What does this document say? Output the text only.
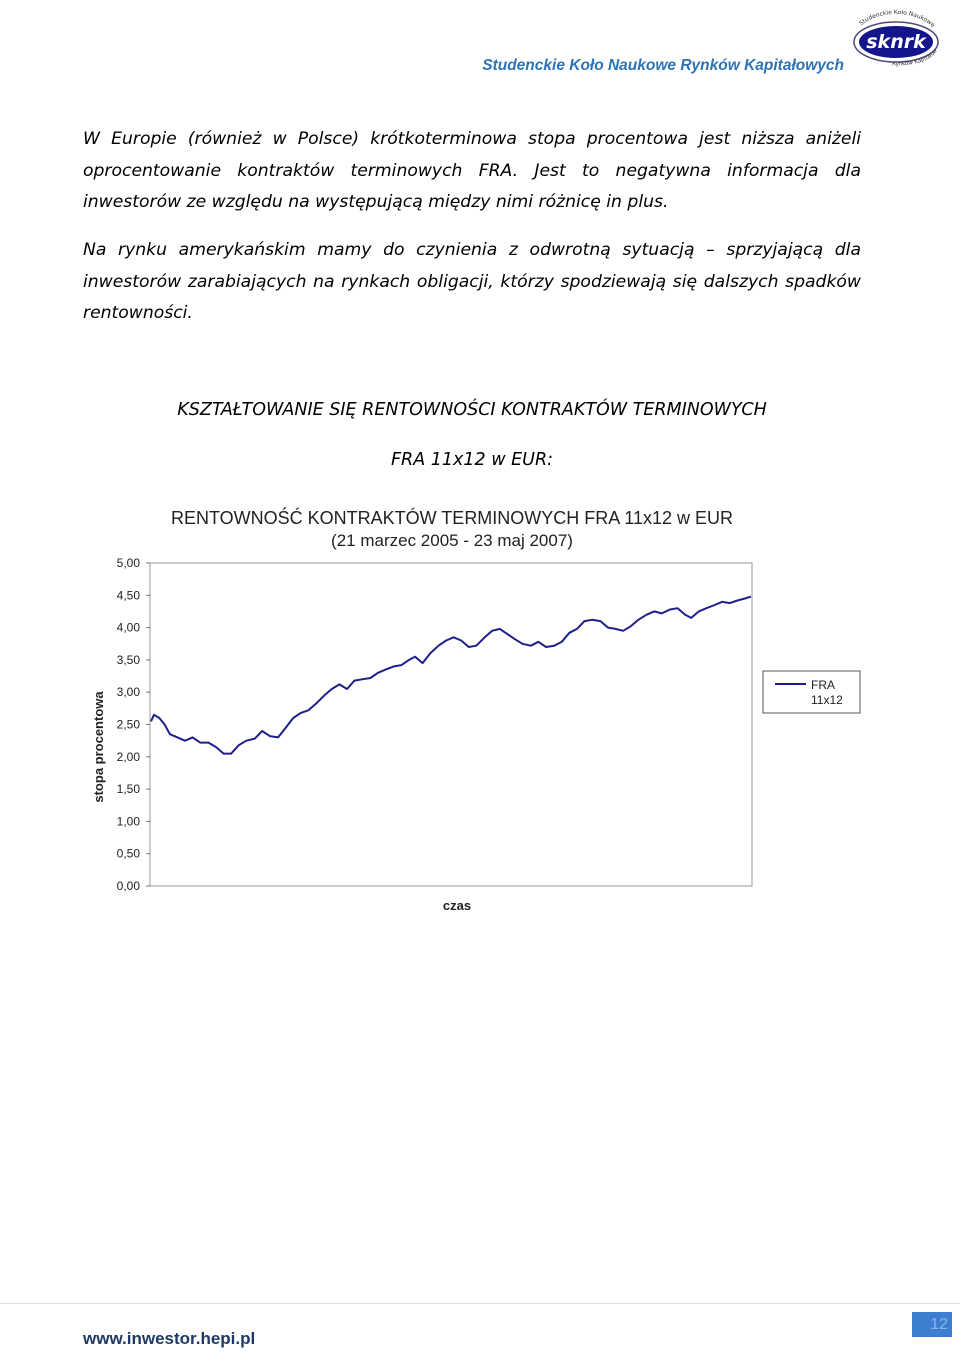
Studenckie Koło Naukowe Rynków Kapitałowych
sknrk
Studenckie Koło Naukowe
Rynków Kapitałow

W Europie (również w Polsce) krótkoterminowa stopa procentowa jest niższa aniżeli oprocentowanie kontraktów terminowych FRA. Jest to negatywna informacja dla inwestorów ze względu na występującą między nimi różnicę in plus.

Na rynku amerykańskim mamy do czynienia z odwrotną sytuacją – sprzyjającą dla inwestorów zarabiających na rynkach obligacji, którzy spodziewają się dalszych spadków rentowności.

KSZTAŁTOWANIE SIĘ RENTOWNOŚCI KONTRAKTÓW TERMINOWYCH

FRA 11x12 w EUR:

RENTOWNOŚĆ KONTRAKTÓW TERMINOWYCH FRA 11x12 w EUR
(21 marzec 2005 - 23 maj 2007)
5,00
4,50
4,00
3,50
3,00
2,50
2,00
1,50
1,00
0,50
0,00
stopa procentowa
czas
FRA 11x12
www.inwestor.hepi.pl
12
